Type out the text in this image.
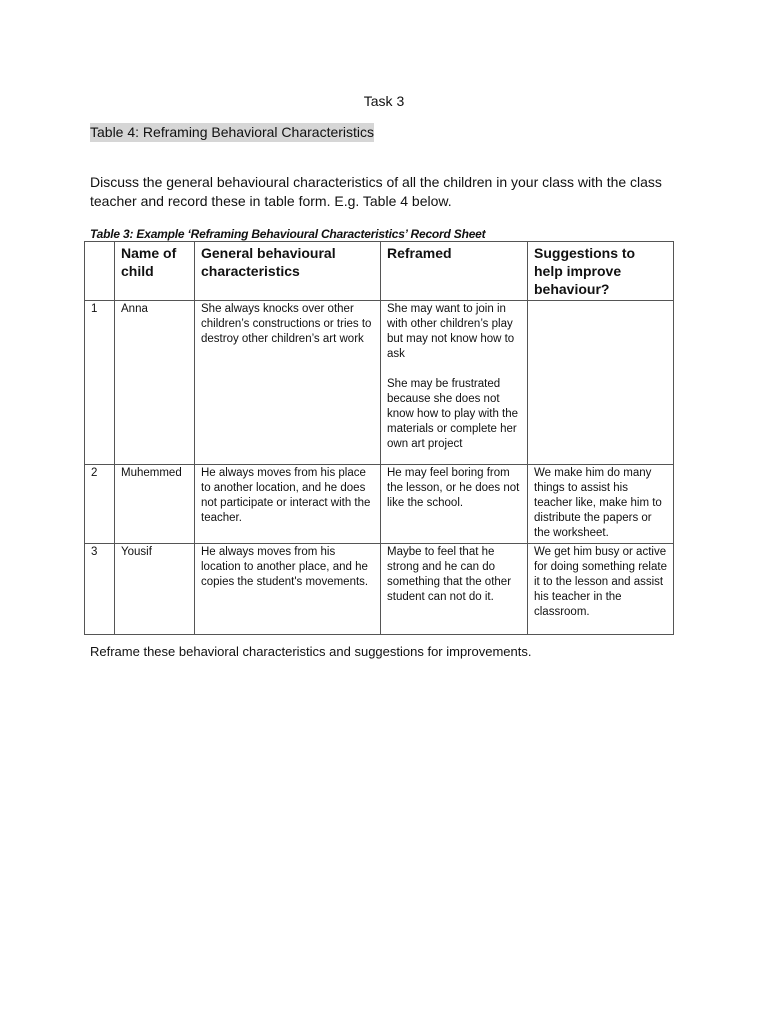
Task 3
Table 4: Reframing Behavioral Characteristics
Discuss the general behavioural characteristics of all the children in your class with the class teacher and record these in table form. E.g. Table 4 below.
Table 3: Example ‘Reframing Behavioural Characteristics’ Record Sheet
	Name of child	General behavioural characteristics	Reframed	Suggestions to help improve behaviour?
1	Anna	She always knocks over other children’s constructions or tries to destroy other children’s art work	She may want to join in with other children’s play but may not know how to ask
She may be frustrated because she does not know how to play with the materials or complete her own art project	
2	Muhemmed	He always moves from his place to another location, and he does not participate or interact with the teacher.	He may feel boring from the lesson, or he does not like the school.	We make him do many things to assist his teacher like, make him to distribute the papers or the worksheet.
3	Yousif	He always moves from his location to another place, and he copies the student's movements.	Maybe to feel that he strong and he can do something that the other student can not do it.	We get him busy or active for doing something relate it to the lesson and assist his teacher in the classroom.
Reframe these behavioral characteristics and suggestions for improvements.
